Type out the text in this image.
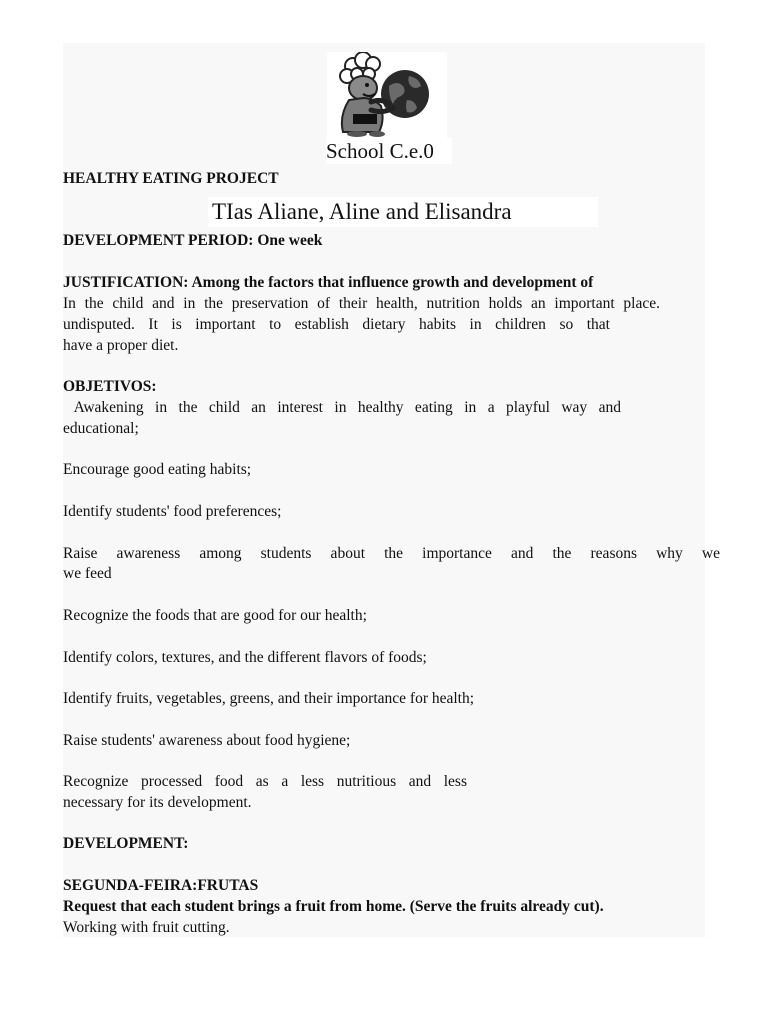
School C.e.0
HEALTHY EATING PROJECT
TIas Aliane, Aline and Elisandra
DEVELOPMENT PERIOD: One week
JUSTIFICATION: Among the factors that influence growth and development of
In the child and in the preservation of their health, nutrition holds an important place.
undisputed. It is important to establish dietary habits in children so that
have a proper diet.
OBJETIVOS:
Awakening in the child an interest in healthy eating in a playful way and
educational;
Encourage good eating habits;
Identify students' food preferences;
Raise awareness among students about the importance and the reasons why we
we feed
Recognize the foods that are good for our health;
Identify colors, textures, and the different flavors of foods;
Identify fruits, vegetables, greens, and their importance for health;
Raise students' awareness about food hygiene;
Recognize processed food as a less nutritious and less
necessary for its development.
DEVELOPMENT:
SEGUNDA-FEIRA:FRUTAS
Request that each student brings a fruit from home. (Serve the fruits already cut).
Working with fruit cutting.
